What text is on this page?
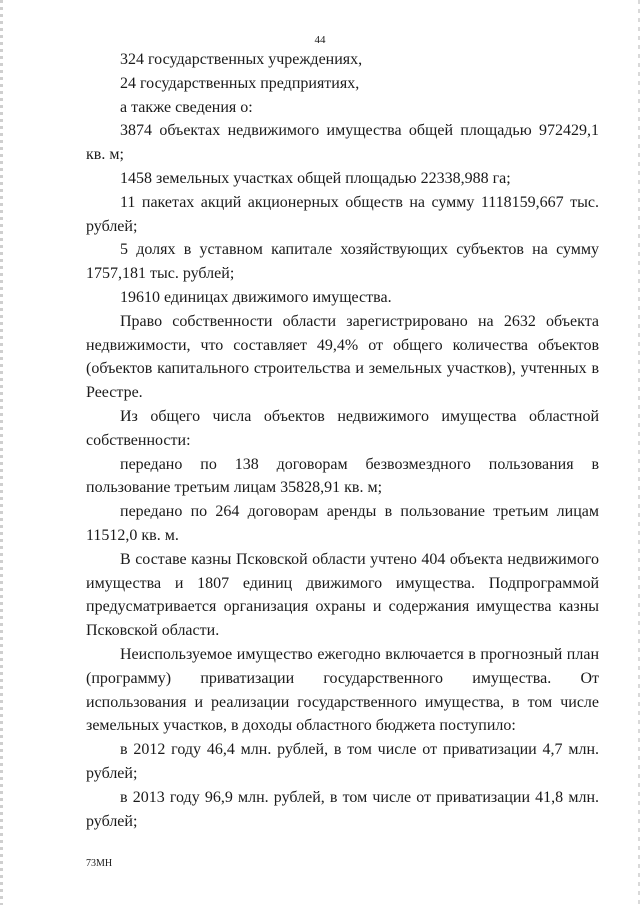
44

324 государственных учреждениях,

24 государственных предприятиях,

а также сведения о:

3874 объектах недвижимого имущества общей площадью 972429,1 кв. м;

1458 земельных участках общей площадью 22338,988 га;

11 пакетах акций акционерных обществ на сумму 1118159,667 тыс. рублей;

5 долях в уставном капитале хозяйствующих субъектов на сумму 1757,181 тыс. рублей;

19610 единицах движимого имущества.

Право собственности области зарегистрировано на 2632 объекта недвижимости, что составляет 49,4% от общего количества объектов (объектов капитального строительства и земельных участков), учтенных в Реестре.

Из общего числа объектов недвижимого имущества областной собственности:

передано по 138 договорам безвозмездного пользования в пользование третьим лицам 35828,91 кв. м;

передано по 264 договорам аренды в пользование третьим лицам 11512,0 кв. м.

В составе казны Псковской области учтено 404 объекта недвижимого имущества и 1807 единиц движимого имущества. Подпрограммой предусматривается организация охраны и содержания имущества казны Псковской области.

Неиспользуемое имущество ежегодно включается в прогнозный план (программу) приватизации государственного имущества. От использования и реализации государственного имущества, в том числе земельных участков, в доходы областного бюджета поступило:

в 2012 году 46,4 млн. рублей, в том числе от приватизации 4,7 млн. рублей;

в 2013 году 96,9 млн. рублей, в том числе от приватизации 41,8 млн. рублей;

73МН
